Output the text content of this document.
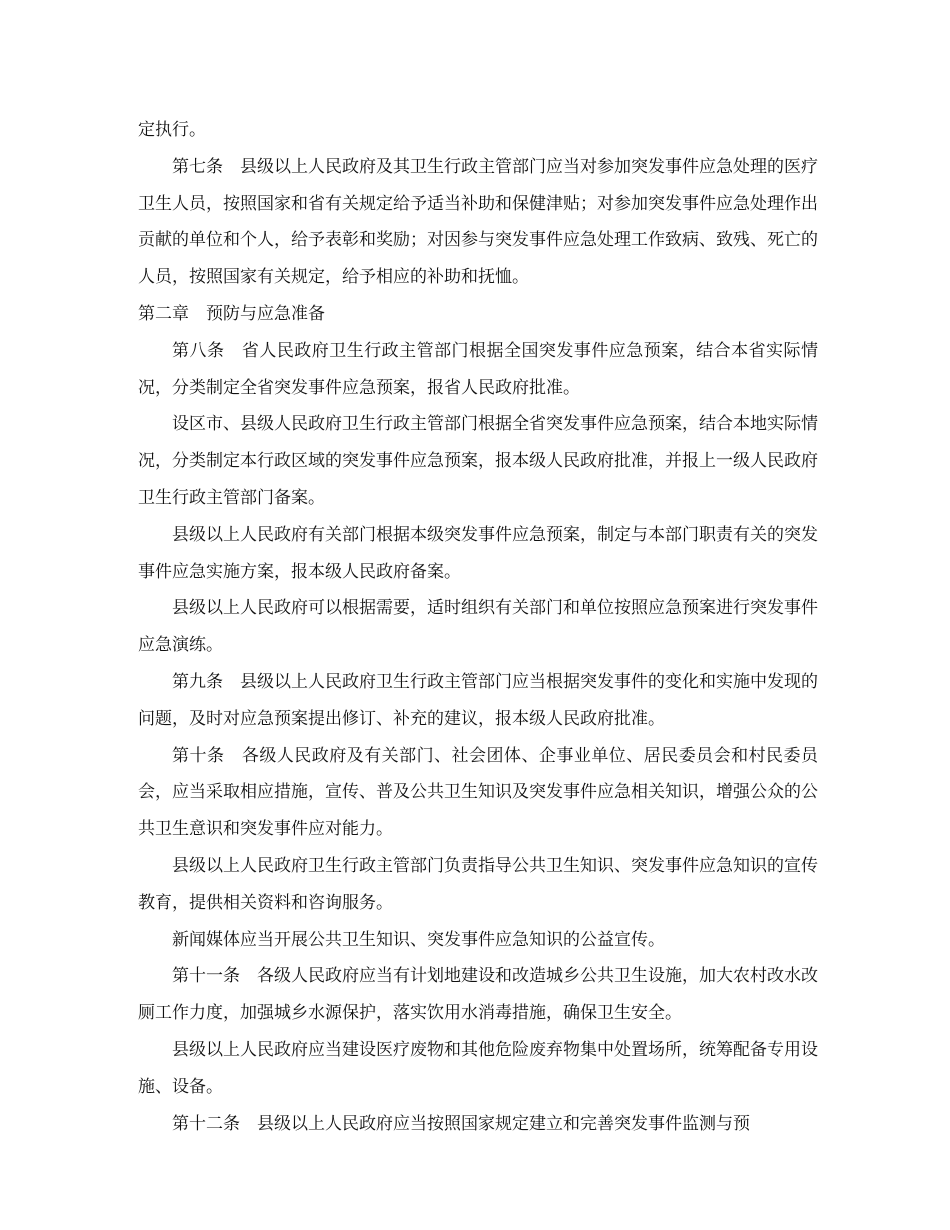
定执行。

第七条　县级以上人民政府及其卫生行政主管部门应当对参加突发事件应急处理的医疗卫生人员，按照国家和省有关规定给予适当补助和保健津贴；对参加突发事件应急处理作出贡献的单位和个人，给予表彰和奖励；对因参与突发事件应急处理工作致病、致残、死亡的人员，按照国家有关规定，给予相应的补助和抚恤。

第二章　预防与应急准备

第八条　省人民政府卫生行政主管部门根据全国突发事件应急预案，结合本省实际情况，分类制定全省突发事件应急预案，报省人民政府批准。

设区市、县级人民政府卫生行政主管部门根据全省突发事件应急预案，结合本地实际情况，分类制定本行政区域的突发事件应急预案，报本级人民政府批准，并报上一级人民政府卫生行政主管部门备案。

县级以上人民政府有关部门根据本级突发事件应急预案，制定与本部门职责有关的突发事件应急实施方案，报本级人民政府备案。

县级以上人民政府可以根据需要，适时组织有关部门和单位按照应急预案进行突发事件应急演练。

第九条　县级以上人民政府卫生行政主管部门应当根据突发事件的变化和实施中发现的问题，及时对应急预案提出修订、补充的建议，报本级人民政府批准。

第十条　各级人民政府及有关部门、社会团体、企事业单位、居民委员会和村民委员会，应当采取相应措施，宣传、普及公共卫生知识及突发事件应急相关知识，增强公众的公共卫生意识和突发事件应对能力。

县级以上人民政府卫生行政主管部门负责指导公共卫生知识、突发事件应急知识的宣传教育，提供相关资料和咨询服务。

新闻媒体应当开展公共卫生知识、突发事件应急知识的公益宣传。

第十一条　各级人民政府应当有计划地建设和改造城乡公共卫生设施，加大农村改水改厕工作力度，加强城乡水源保护，落实饮用水消毒措施，确保卫生安全。

县级以上人民政府应当建设医疗废物和其他危险废弃物集中处置场所，统筹配备专用设施、设备。

第十二条　县级以上人民政府应当按照国家规定建立和完善突发事件监测与预
